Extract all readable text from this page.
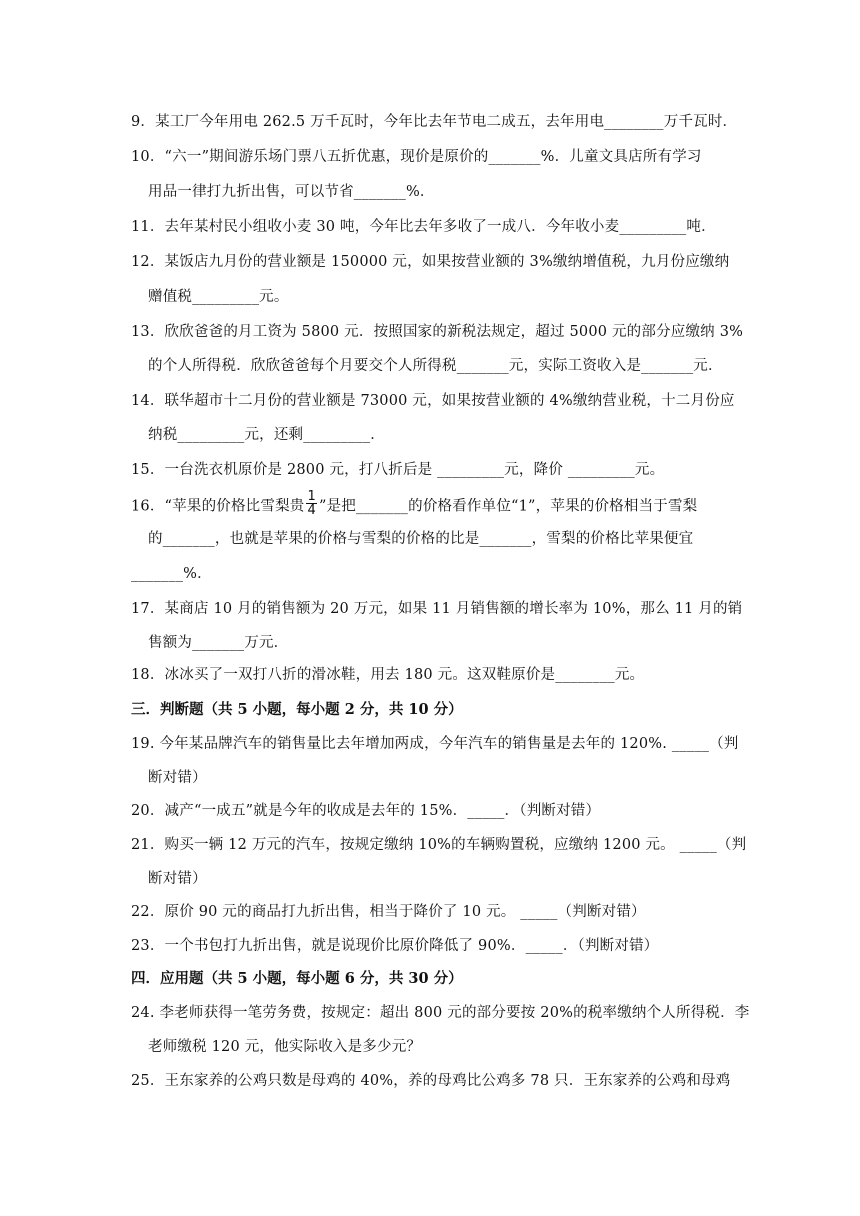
9．某工厂今年用电 262.5 万千瓦时，今年比去年节电二成五，去年用电________万千瓦时．
10．“六一”期间游乐场门票八五折优惠，现价是原价的_______%．儿童文具店所有学习
用品一律打九折出售，可以节省_______%．
11．去年某村民小组收小麦 30 吨，今年比去年多收了一成八．今年收小麦_________吨．
12．某饭店九月份的营业额是 150000 元，如果按营业额的 3%缴纳增值税，九月份应缴纳
赠值税_________元。
13．欣欣爸爸的月工资为 5800 元．按照国家的新税法规定，超过 5000 元的部分应缴纳 3%
的个人所得税．欣欣爸爸每个月要交个人所得税_______元，实际工资收入是_______元．
14．联华超市十二月份的营业额是 73000 元，如果按营业额的 4%缴纳营业税，十二月份应
纳税_________元，还剩_________．
15．一台洗衣机原价是 2800 元，打八折后是 _________元，降价 _________元。
16．“苹果的价格比雪梨贵 $\frac{1}{4}$ ”是把_______的价格看作单位“1”，苹果的价格相当于雪梨
的_______，也就是苹果的价格与雪梨的价格的比是_______，雪梨的价格比苹果便宜
_______%．
17．某商店 10 月的销售额为 20 万元，如果 11 月销售额的增长率为 10%，那么 11 月的销
售额为_______万元．
18．冰冰买了一双打八折的滑冰鞋，用去 180 元。这双鞋原价是________元。
三．判断题（共 5 小题，每小题 2 分，共 10 分）
19. 今年某品牌汽车的销售量比去年增加两成，今年汽车的销售量是去年的 120%. _____（判
断对错）
20．减产“一成五”就是今年的收成是去年的 15%．_____．（判断对错）
21．购买一辆 12 万元的汽车，按规定缴纳 10%的车辆购置税，应缴纳 1200 元。 _____（判
断对错）
22．原价 90 元的商品打九折出售，相当于降价了 10 元。 _____（判断对错）
23．一个书包打九折出售，就是说现价比原价降低了 90%．_____．（判断对错）
四．应用题（共 5 小题，每小题 6 分，共 30 分）
24. 李老师获得一笔劳务费，按规定：超出 800 元的部分要按 20%的税率缴纳个人所得税．李
老师缴税 120 元，他实际收入是多少元？
25．王东家养的公鸡只数是母鸡的 40%，养的母鸡比公鸡多 78 只．王东家养的公鸡和母鸡
